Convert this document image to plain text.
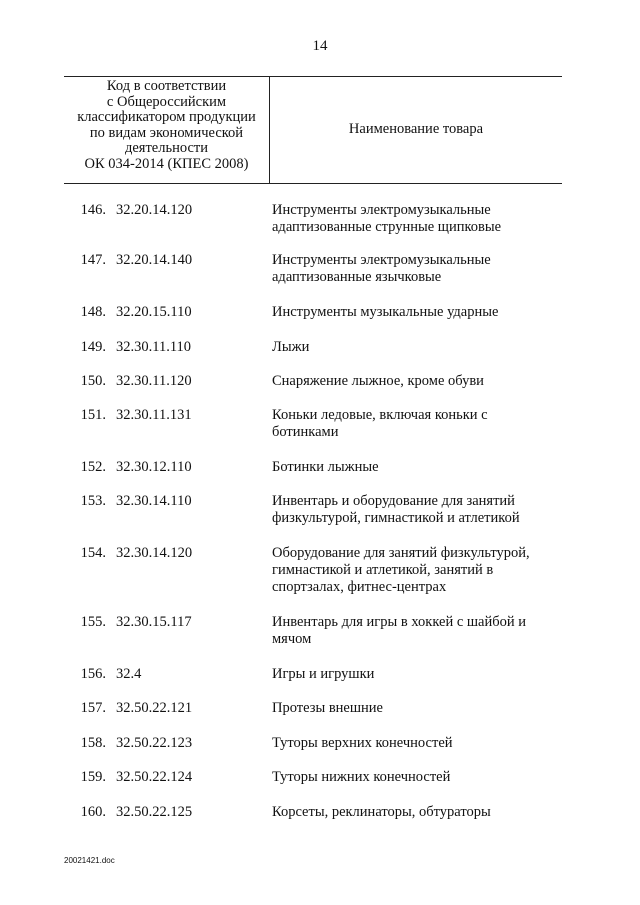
14
Код в соответствии
с Общероссийским
классификатором продукции
по видам экономической
деятельности
ОК 034-2014 (КПЕС 2008)
Наименование товара
146. 32.20.14.120	Инструменты электромузыкальные
адаптизованные струнные щипковые
147. 32.20.14.140	Инструменты электромузыкальные
адаптизованные язычковые
148. 32.20.15.110	Инструменты музыкальные ударные
149. 32.30.11.110	Лыжи
150. 32.30.11.120	Снаряжение лыжное, кроме обуви
151. 32.30.11.131	Коньки ледовые, включая коньки с
ботинками
152. 32.30.12.110	Ботинки лыжные
153. 32.30.14.110	Инвентарь и оборудование для занятий
физкультурой, гимнастикой и атлетикой
154. 32.30.14.120	Оборудование для занятий физкультурой,
гимнастикой и атлетикой, занятий в
спортзалах, фитнес-центрах
155. 32.30.15.117	Инвентарь для игры в хоккей с шайбой и
мячом
156. 32.4	Игры и игрушки
157. 32.50.22.121	Протезы внешние
158. 32.50.22.123	Туторы верхних конечностей
159. 32.50.22.124	Туторы нижних конечностей
160. 32.50.22.125	Корсеты, реклинаторы, обтураторы
20021421.doc
